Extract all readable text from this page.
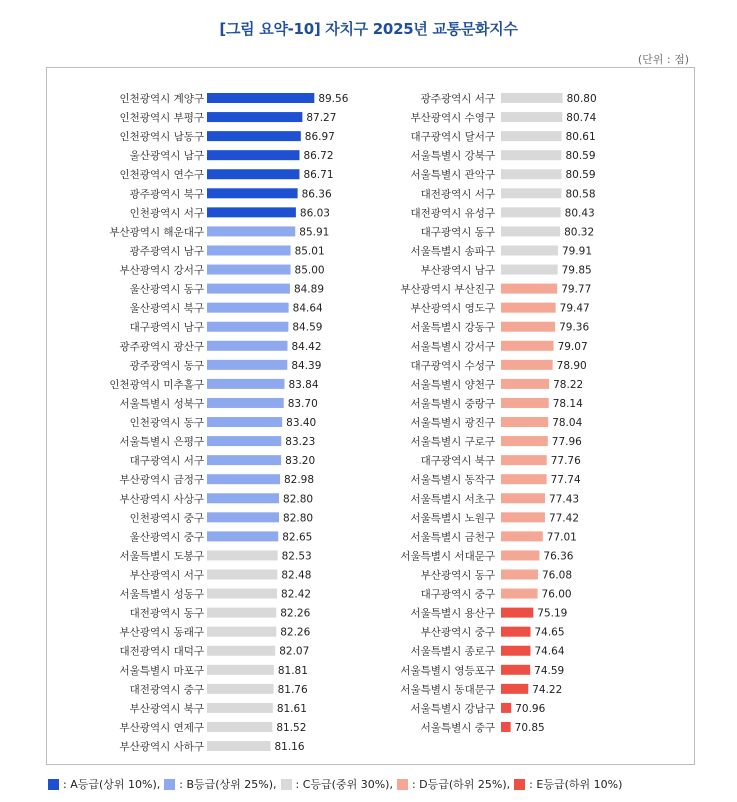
[그림 요약-10] 자치구 2025년 교통문화지수
(단위 : 점)
인천광역시 계양구	89.56
인천광역시 부평구	87.27
인천광역시 남동구	86.97
울산광역시 남구	86.72
인천광역시 연수구	86.71
광주광역시 북구	86.36
인천광역시 서구	86.03
부산광역시 해운대구	85.91
광주광역시 남구	85.01
부산광역시 강서구	85.00
울산광역시 동구	84.89
울산광역시 북구	84.64
대구광역시 남구	84.59
광주광역시 광산구	84.42
광주광역시 동구	84.39
인천광역시 미추홀구	83.84
서울특별시 성북구	83.70
인천광역시 동구	83.40
서울특별시 은평구	83.23
대구광역시 서구	83.20
부산광역시 금정구	82.98
부산광역시 사상구	82.80
인천광역시 중구	82.80
울산광역시 중구	82.65
서울특별시 도봉구	82.53
부산광역시 서구	82.48
서울특별시 성동구	82.42
대전광역시 동구	82.26
부산광역시 동래구	82.26
대전광역시 대덕구	82.07
서울특별시 마포구	81.81
대전광역시 중구	81.76
부산광역시 북구	81.61
부산광역시 연제구	81.52
부산광역시 사하구	81.16
광주광역시 서구	80.80
부산광역시 수영구	80.74
대구광역시 달서구	80.61
서울특별시 강북구	80.59
서울특별시 관악구	80.59
대전광역시 서구	80.58
대전광역시 유성구	80.43
대구광역시 동구	80.32
서울특별시 송파구	79.91
부산광역시 남구	79.85
부산광역시 부산진구	79.77
부산광역시 영도구	79.47
서울특별시 강동구	79.36
서울특별시 강서구	79.07
대구광역시 수성구	78.90
서울특별시 양천구	78.22
서울특별시 중랑구	78.14
서울특별시 광진구	78.04
서울특별시 구로구	77.96
대구광역시 북구	77.76
서울특별시 동작구	77.74
서울특별시 서초구	77.43
서울특별시 노원구	77.42
서울특별시 금천구	77.01
서울특별시 서대문구	76.36
부산광역시 동구	76.08
대구광역시 중구	76.00
서울특별시 용산구	75.19
부산광역시 중구	74.65
서울특별시 종로구	74.64
서울특별시 영등포구	74.59
서울특별시 동대문구	74.22
서울특별시 강남구 70.96
서울특별시 중구 70.85
: A등급(상위 10%), : B등급(상위 25%), : C등급(중위 30%), : D등급(하위 25%), : E등급(하위 10%)
